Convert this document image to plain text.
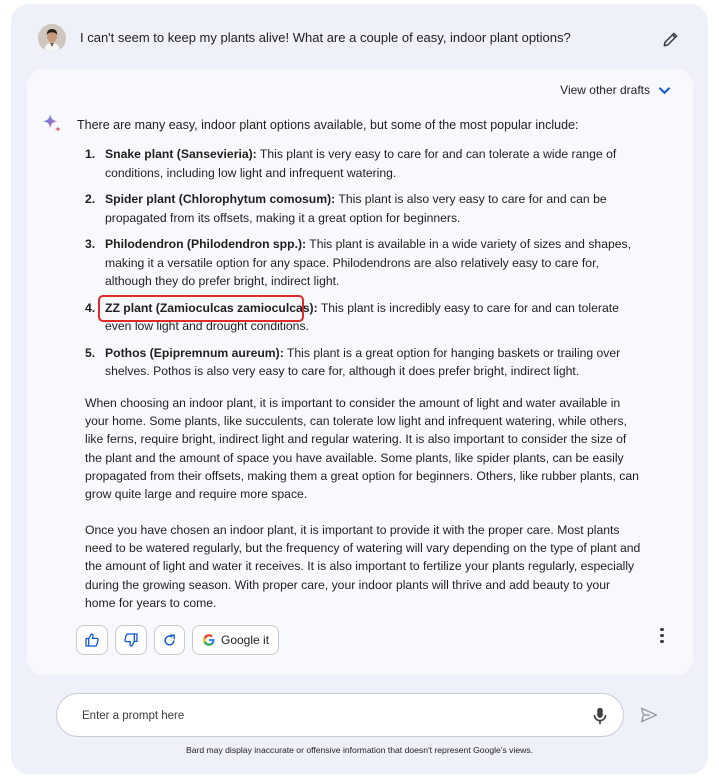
I can't seem to keep my plants alive! What are a couple of easy, indoor plant options?
View other drafts
There are many easy, indoor plant options available, but some of the most popular include:
1. Snake plant (Sansevieria): This plant is very easy to care for and can tolerate a wide range of conditions, including low light and infrequent watering.
2. Spider plant (Chlorophytum comosum): This plant is also very easy to care for and can be propagated from its offsets, making it a great option for beginners.
3. Philodendron (Philodendron spp.): This plant is available in a wide variety of sizes and shapes, making it a versatile option for any space. Philodendrons are also relatively easy to care for, although they do prefer bright, indirect light.
4. ZZ plant (Zamioculcas zamioculcas): This plant is incredibly easy to care for and can tolerate even low light and drought conditions.
5. Pothos (Epipremnum aureum): This plant is a great option for hanging baskets or trailing over shelves. Pothos is also very easy to care for, although it does prefer bright, indirect light.

When choosing an indoor plant, it is important to consider the amount of light and water available in your home. Some plants, like succulents, can tolerate low light and infrequent watering, while others, like ferns, require bright, indirect light and regular watering. It is also important to consider the size of the plant and the amount of space you have available. Some plants, like spider plants, can be easily propagated from their offsets, making them a great option for beginners. Others, like rubber plants, can grow quite large and require more space.

Once you have chosen an indoor plant, it is important to provide it with the proper care. Most plants need to be watered regularly, but the frequency of watering will vary depending on the type of plant and the amount of light and water it receives. It is also important to fertilize your plants regularly, especially during the growing season. With proper care, your indoor plants will thrive and add beauty to your home for years to come.

Google it
Enter a prompt here
Bard may display inaccurate or offensive information that doesn't represent Google's views.
